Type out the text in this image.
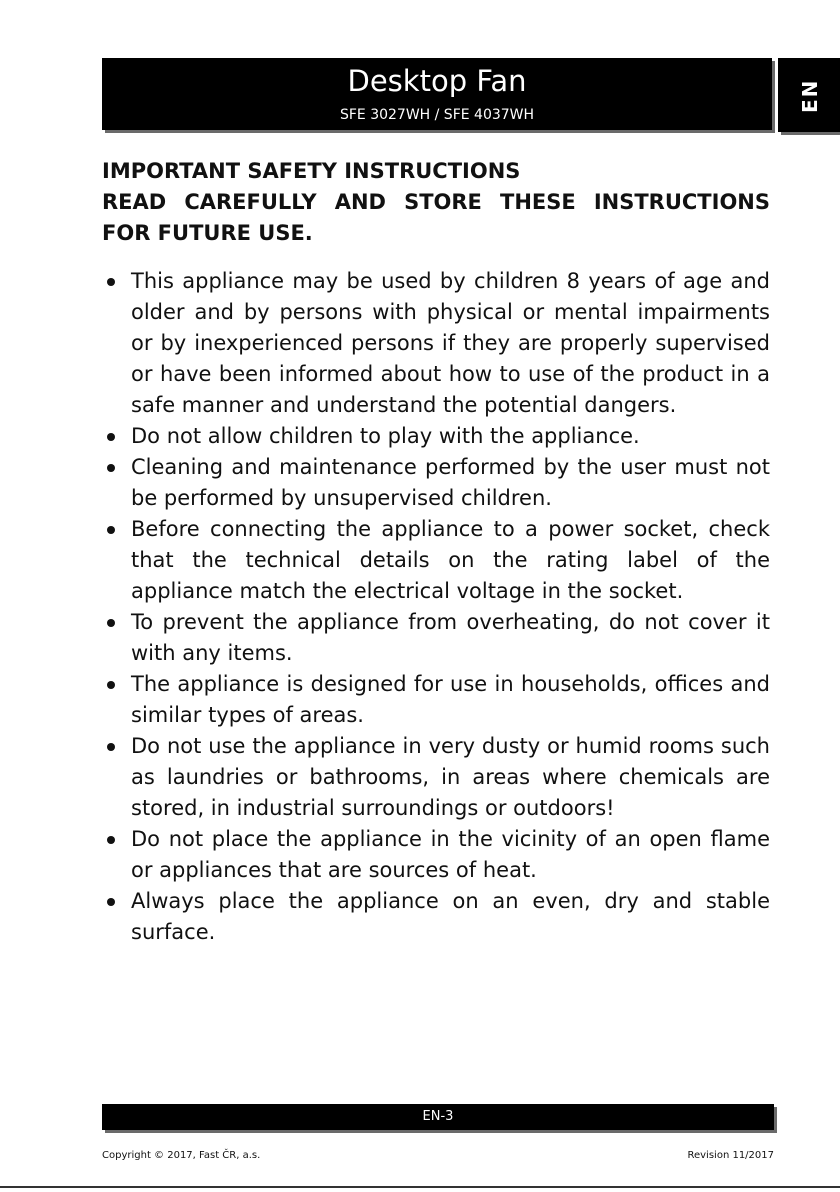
Desktop Fan
SFE 3027WH / SFE 4037WH
EN
IMPORTANT SAFETY INSTRUCTIONS
READ CAREFULLY AND STORE THESE INSTRUCTIONS FOR FUTURE USE.
This appliance may be used by children 8 years of age and older and by persons with physical or mental impairments or by inexperienced persons if they are properly supervised or have been informed about how to use of the product in a safe manner and understand the potential dangers.
Do not allow children to play with the appliance.
Cleaning and maintenance performed by the user must not be performed by unsupervised children.
Before connecting the appliance to a power socket, check that the technical details on the rating label of the appliance match the electrical voltage in the socket.
To prevent the appliance from overheating, do not cover it with any items.
The appliance is designed for use in households, offices and similar types of areas.
Do not use the appliance in very dusty or humid rooms such as laundries or bathrooms, in areas where chemicals are stored, in industrial surroundings or outdoors!
Do not place the appliance in the vicinity of an open flame or appliances that are sources of heat.
Always place the appliance on an even, dry and stable surface.
EN-3
Copyright © 2017, Fast ČR, a.s.	Revision 11/2017
